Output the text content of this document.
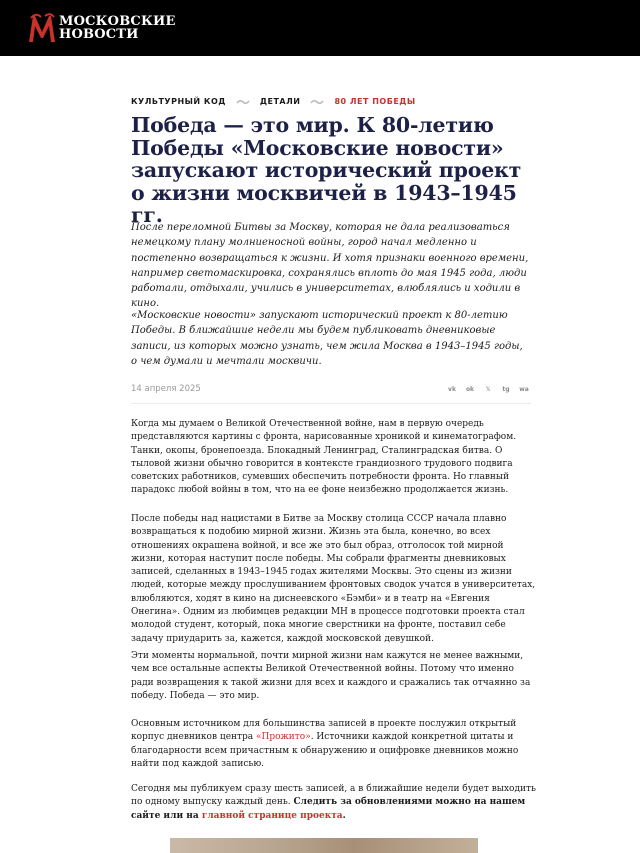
МОСКОВСКИЕ
НОВОСТИ
КУЛЬТУРНЫЙ КОД	ДЕТАЛИ	80 ЛЕТ ПОБЕДЫ
Победа — это мир. К 80-летию Победы «Московские новости» запускают исторический проект о жизни москвичей в 1943–1945 гг.

После переломной Битвы за Москву, которая не дала реализоваться немецкому плану молниеносной войны, город начал медленно и постепенно возвращаться к жизни. И хотя признаки военного времени, например светомаскировка, сохранялись вплоть до мая 1945 года, люди работали, отдыхали, учились в университетах, влюблялись и ходили в кино.

«Московские новости» запускают исторический проект к 80-летию Победы. В ближайшие недели мы будем публиковать дневниковые записи, из которых можно узнать, чем жила Москва в 1943–1945 годы, о чем думали и мечтали москвичи.

14 апреля 2025	vk	ok	𝕏	tg	wa

Когда мы думаем о Великой Отечественной войне, нам в первую очередь представляются картины с фронта, нарисованные хроникой и кинематографом. Танки, окопы, бронепоезда. Блокадный Ленинград, Сталинградская битва. О тыловой жизни обычно говорится в контексте грандиозного трудового подвига советских работников, сумевших обеспечить потребности фронта. Но главный парадокс любой войны в том, что на ее фоне неизбежно продолжается жизнь.

После победы над нацистами в Битве за Москву столица СССР начала плавно возвращаться к подобию мирной жизни. Жизнь эта была, конечно, во всех отношениях окрашена войной, и все же это был образ, отголосок той мирной жизни, которая наступит после победы. Мы собрали фрагменты дневниковых записей, сделанных в 1943–1945 годах жителями Москвы. Это сцены из жизни людей, которые между прослушиванием фронтовых сводок учатся в университетах, влюбляются, ходят в кино на диснеевского «Бэмби» и в театр на «Евгения Онегина». Одним из любимцев редакции МН в процессе подготовки проекта стал молодой студент, который, пока многие сверстники на фронте, поставил себе задачу приударить за, кажется, каждой московской девушкой.

Эти моменты нормальной, почти мирной жизни нам кажутся не менее важными, чем все остальные аспекты Великой Отечественной войны. Потому что именно ради возвращения к такой жизни для всех и каждого и сражались так отчаянно за победу. Победа — это мир.

Основным источником для большинства записей в проекте послужил открытый корпус дневников центра «Прожито». Источники каждой конкретной цитаты и благодарности всем причастным к обнаружению и оцифровке дневников можно найти под каждой записью.

Сегодня мы публикуем сразу шесть записей, а в ближайшие недели будет выходить по одному выпуску каждый день. Следить за обновлениями можно на нашем сайте или на главной странице проекта.
